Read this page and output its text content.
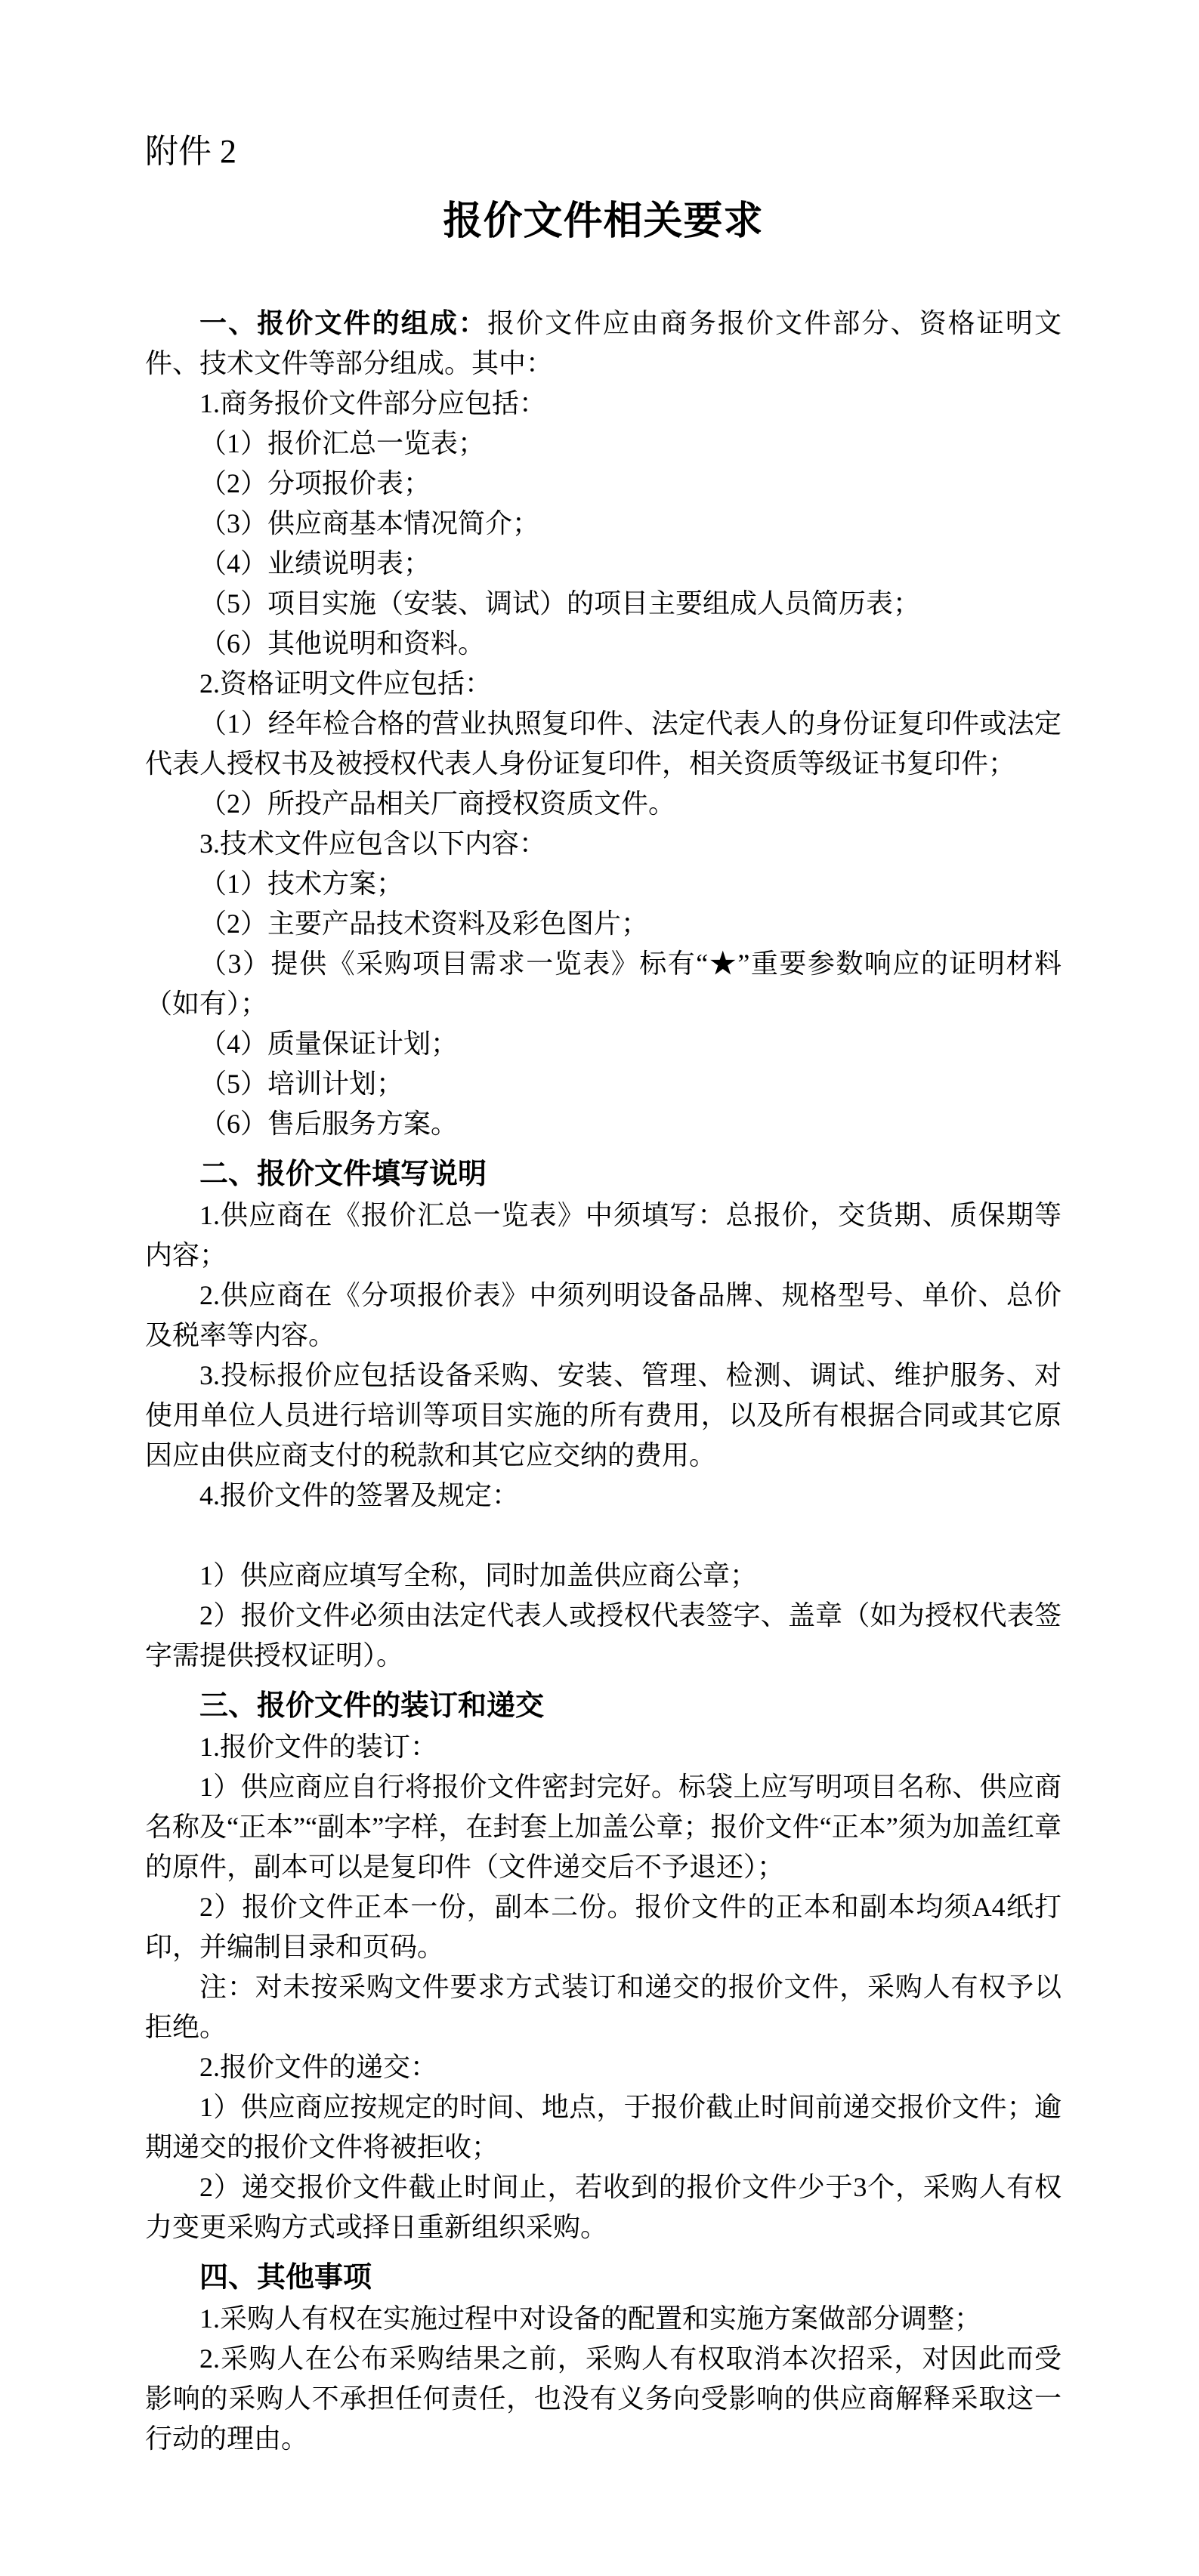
附件 2

报价文件相关要求

一、报价文件的组成：报价文件应由商务报价文件部分、资格证明文件、技术文件等部分组成。其中：

1.商务报价文件部分应包括：

（1）报价汇总一览表；

（2）分项报价表；

（3）供应商基本情况简介；

（4）业绩说明表；

（5）项目实施（安装、调试）的项目主要组成人员简历表；

（6）其他说明和资料。

2.资格证明文件应包括：

（1）经年检合格的营业执照复印件、法定代表人的身份证复印件或法定代表人授权书及被授权代表人身份证复印件，相关资质等级证书复印件；

（2）所投产品相关厂商授权资质文件。

3.技术文件应包含以下内容：

（1）技术方案；

（2）主要产品技术资料及彩色图片；

（3）提供《采购项目需求一览表》标有“★”重要参数响应的证明材料（如有）；

（4）质量保证计划；

（5）培训计划；

（6）售后服务方案。

二、报价文件填写说明

1.供应商在《报价汇总一览表》中须填写：总报价，交货期、质保期等内容；

2.供应商在《分项报价表》中须列明设备品牌、规格型号、单价、总价及税率等内容。

3.投标报价应包括设备采购、安装、管理、检测、调试、维护服务、对使用单位人员进行培训等项目实施的所有费用，以及所有根据合同或其它原因应由供应商支付的税款和其它应交纳的费用。

4.报价文件的签署及规定：

1）供应商应填写全称，同时加盖供应商公章；

2）报价文件必须由法定代表人或授权代表签字、盖章（如为授权代表签字需提供授权证明）。

三、报价文件的装订和递交

1.报价文件的装订：

1）供应商应自行将报价文件密封完好。标袋上应写明项目名称、供应商名称及“正本”“副本”字样，在封套上加盖公章；报价文件“正本”须为加盖红章的原件，副本可以是复印件（文件递交后不予退还）；

2）报价文件正本一份，副本二份。报价文件的正本和副本均须A4纸打印，并编制目录和页码。

注：对未按采购文件要求方式装订和递交的报价文件，采购人有权予以拒绝。

2.报价文件的递交：

1）供应商应按规定的时间、地点，于报价截止时间前递交报价文件；逾期递交的报价文件将被拒收；

2）递交报价文件截止时间止，若收到的报价文件少于3个，采购人有权力变更采购方式或择日重新组织采购。

四、其他事项

1.采购人有权在实施过程中对设备的配置和实施方案做部分调整；

2.采购人在公布采购结果之前，采购人有权取消本次招采，对因此而受影响的采购人不承担任何责任，也没有义务向受影响的供应商解释采取这一行动的理由。
